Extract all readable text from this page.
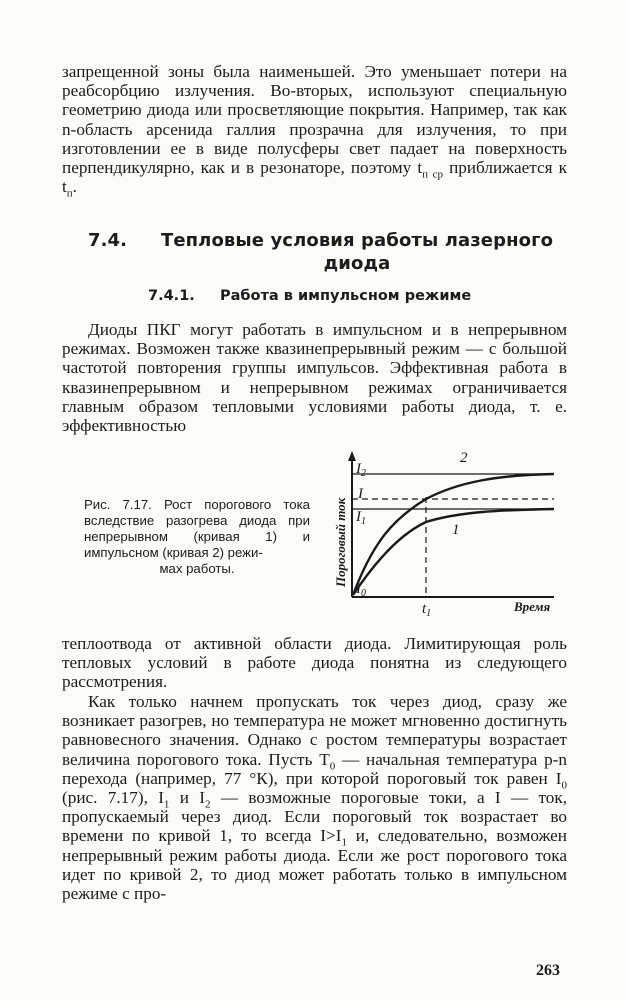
запрещенной зоны была наименьшей. Это уменьшает потери на реабсорбцию излучения. Во-вторых, используют специальную геометрию диода или просветляющие покрытия. Например, так как n-область арсенида галлия прозрачна для излучения, то при изготовлении ее в виде полусферы свет падает на поверхность перпендикулярно, как и в резонаторе, поэтому $t_{п ср}$ приближается к $t_п$.

7.4. Тепловые условия работы лазерного диода
7.4.1. Работа в импульсном режиме

Диоды ПКГ могут работать в импульсном и в непрерывном режимах. Возможен также квазинепрерывный режим — с большой частотой повторения группы импульсов. Эффективная работа в квазинепрерывном и непрерывном режимах ограничивается главным образом тепловыми условиями работы диода, т. е. эффективностью

Рис. 7.17. Рост порогового тока вследствие разогрева диода при непрерывном (кривая 1) и импульсном (кривая 2) режи-
мах работы.
$I_2$
I
$I_1$
$I_0$
$t_1$
2
1
Время
Пороговый ток

теплоотвода от активной области диода. Лимитирующая роль тепловых условий в работе диода понятна из следующего рассмотрения.

Как только начнем пропускать ток через диод, сразу же возникает разогрев, но температура не может мгновенно достигнуть равновесного значения. Однако с ростом температуры возрастает величина порогового тока. Пусть $T_0$ — начальная температура p-n перехода (например, 77 °К), при которой пороговый ток равен $I_0$ (рис. 7.17), $I_1$ и $I_2$ — возможные пороговые токи, а I — ток, пропускаемый через диод. Если пороговый ток возрастает во времени по кривой 1, то всегда $I>I_1$ и, следовательно, возможен непрерывный режим работы диода. Если же рост порогового тока идет по кривой 2, то диод может работать только в импульсном режиме с про-

263
